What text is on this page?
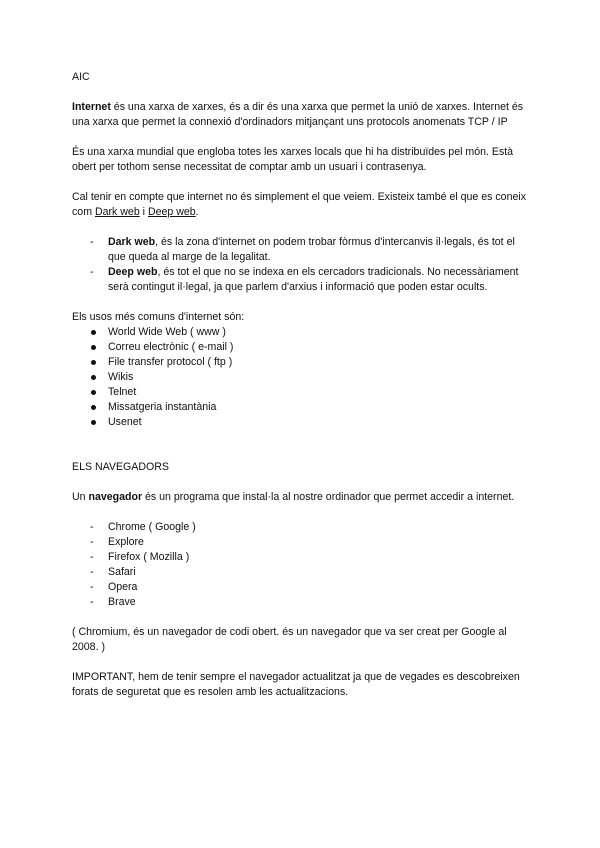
AIC

Internet és una xarxa de xarxes, és a dir és una xarxa que permet la unió de xarxes. Internet és una xarxa que permet la connexió d'ordinadors mitjançant uns protocols anomenats TCP / IP

És una xarxa mundial que engloba totes les xarxes locals que hi ha distribuïdes pel món. Està obert per tothom sense necessitat de comptar amb un usuari i contrasenya.

Cal tenir en compte que internet no és simplement el que veiem. Existeix també el que es coneix com Dark web i Deep web.

- Dark web, és la zona d'internet on podem trobar fòrmus d'intercanvis il·legals, és tot el que queda al marge de la legalitat.
- Deep web, és tot el que no se indexa en els cercadors tradicionals. No necessàriament serà contingut il·legal, ja que parlem d'arxius i informació que poden estar ocults.

Els usos més comuns d'internet són:

World Wide Web ( www )
Correu electrònic ( e-mail )
File transfer protocol ( ftp )
Wikis
Telnet
Missatgeria instantània
Usenet

ELS NAVEGADORS

Un navegador és un programa que instal·la al nostre ordinador que permet accedir a internet.

- Chrome ( Google )
- Explore
- Firefox ( Mozilla )
- Safari
- Opera
- Brave

( Chromium, és un navegador de codi obert. és un navegador que va ser creat per Google al 2008. )

IMPORTANT, hem de tenir sempre el navegador actualitzat ja que de vegades es descobreixen forats de seguretat que es resolen amb les actualitzacions.
